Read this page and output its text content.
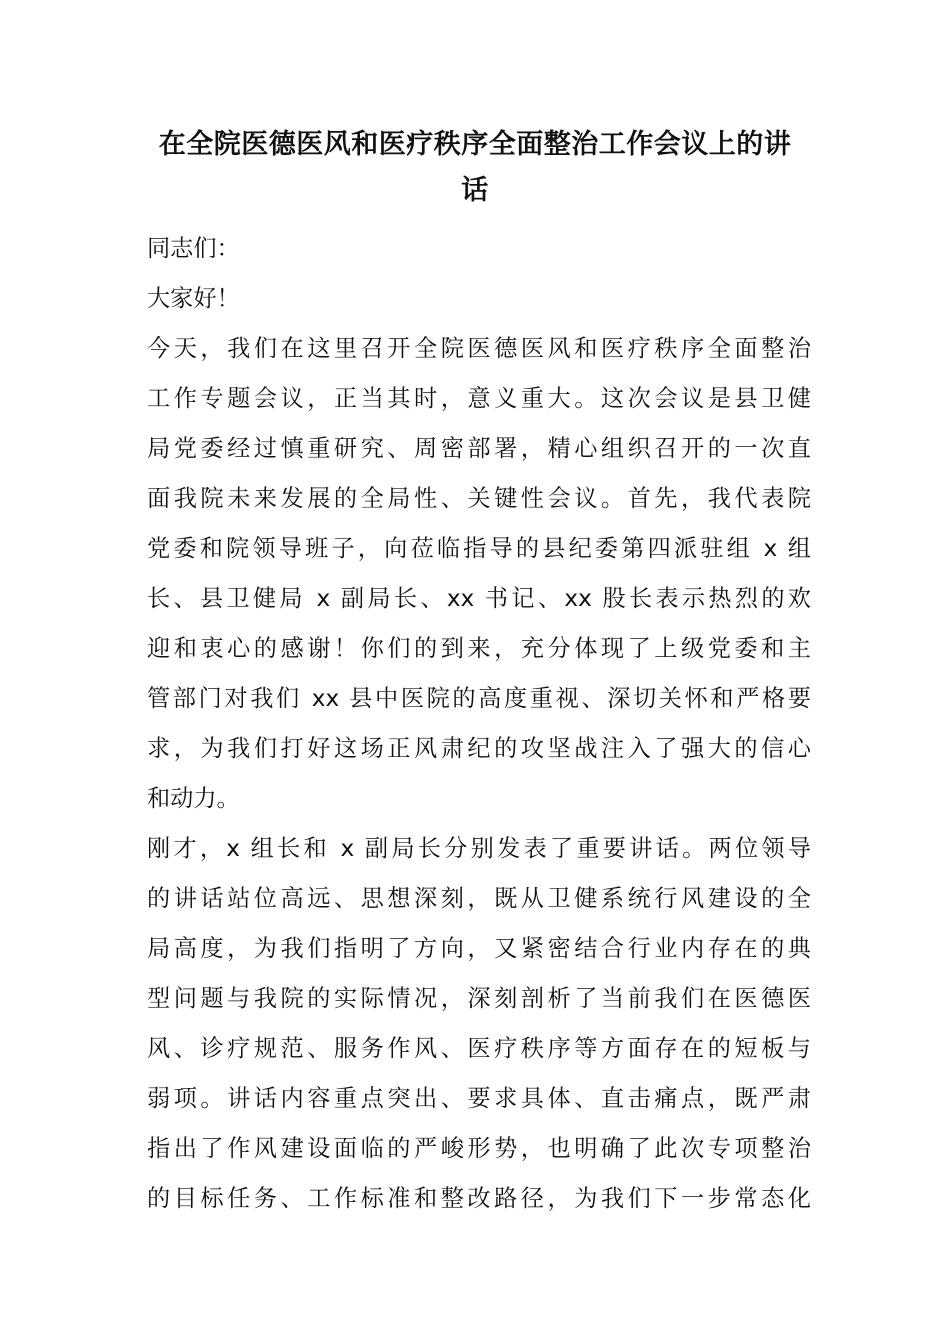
在全院医德医风和医疗秩序全面整治工作会议上的讲
话
同志们：
大家好！
今天，我们在这里召开全院医德医风和医疗秩序全面整治
工作专题会议，正当其时，意义重大。这次会议是县卫健
局党委经过慎重研究、周密部署，精心组织召开的一次直
面我院未来发展的全局性、关键性会议。首先，我代表院
党委和院领导班子，向莅临指导的县纪委第四派驻组 x 组
长、县卫健局 x 副局长、xx 书记、xx 股长表示热烈的欢
迎和衷心的感谢！你们的到来，充分体现了上级党委和主
管部门对我们 xx 县中医院的高度重视、深切关怀和严格要
求，为我们打好这场正风肃纪的攻坚战注入了强大的信心
和动力。
刚才，x 组长和 x 副局长分别发表了重要讲话。两位领导
的讲话站位高远、思想深刻，既从卫健系统行风建设的全
局高度，为我们指明了方向，又紧密结合行业内存在的典
型问题与我院的实际情况，深刻剖析了当前我们在医德医
风、诊疗规范、服务作风、医疗秩序等方面存在的短板与
弱项。讲话内容重点突出、要求具体、直击痛点，既严肃
指出了作风建设面临的严峻形势，也明确了此次专项整治
的目标任务、工作标准和整改路径，为我们下一步常态化
